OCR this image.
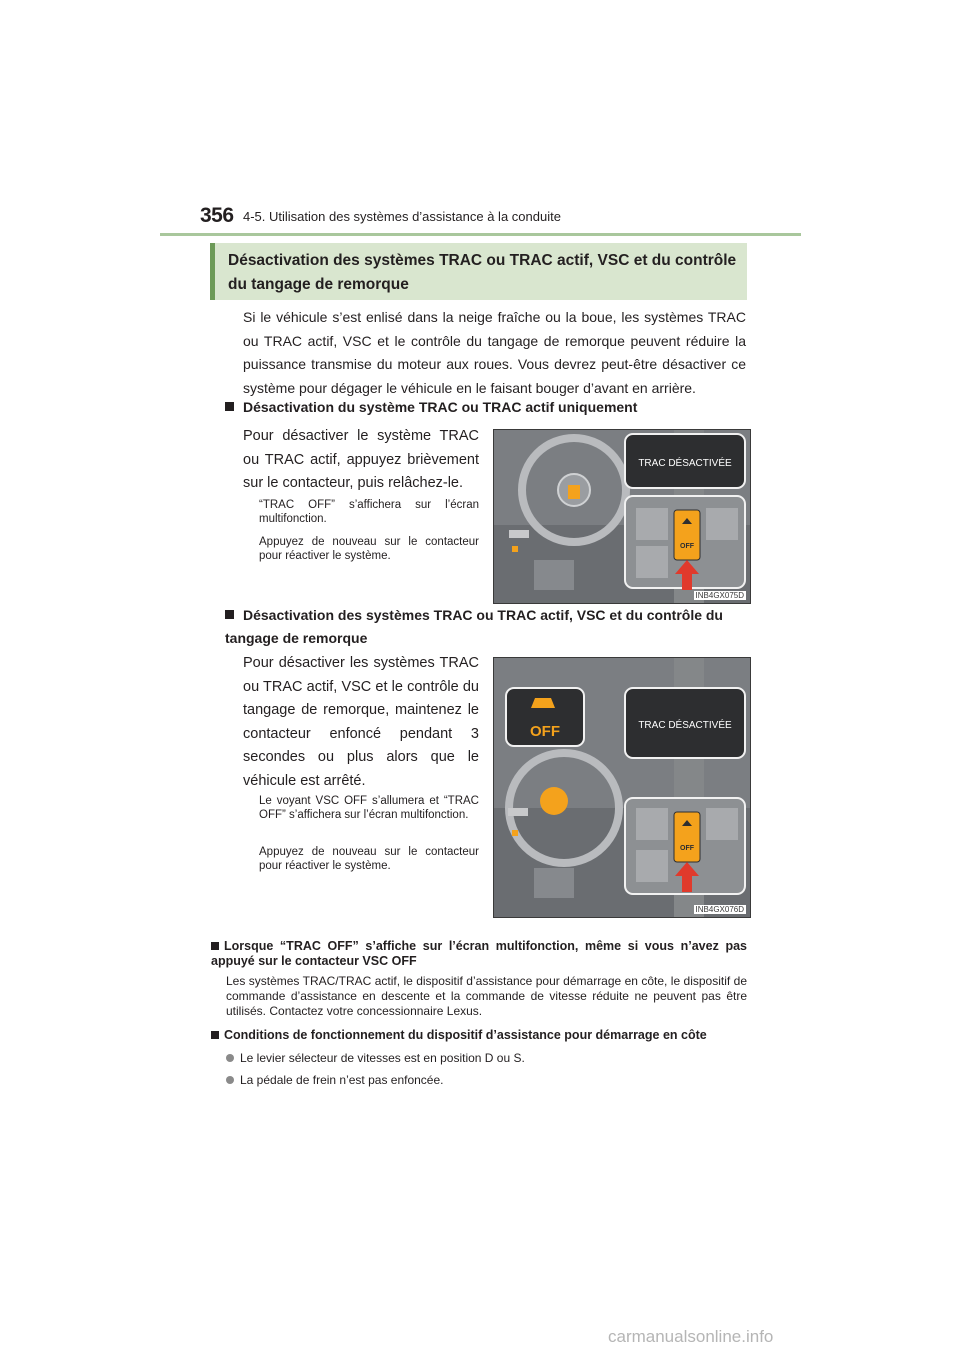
356 4-5. Utilisation des systèmes d’assistance à la conduite
Désactivation des systèmes TRAC ou TRAC actif, VSC et du contrôle
du tangage de remorque
Si le véhicule s’est enlisé dans la neige fraîche ou la boue, les systèmes TRAC ou TRAC actif, VSC et le contrôle du tangage de remorque peuvent réduire la puissance transmise du moteur aux roues. Vous devrez peut-être désactiver ce système pour dégager le véhicule en le faisant bouger d’avant en arrière.
Désactivation du système TRAC ou TRAC actif uniquement
Pour désactiver le système TRAC ou TRAC actif, appuyez brièvement sur le contacteur, puis relâchez-le.
“TRAC OFF” s’affichera sur l’écran multifonction.
Appuyez de nouveau sur le contacteur pour réactiver le système.
TRAC DÉSACTIVÉE
OFF
INB4GX075D
Désactivation des systèmes TRAC ou TRAC actif, VSC et du contrôle du tangage de remorque
Pour désactiver les systèmes TRAC ou TRAC actif, VSC et le contrôle du tangage de remorque, maintenez le contacteur enfoncé pendant 3 secondes ou plus alors que le véhicule est arrêté.
Le voyant VSC OFF s’allumera et “TRAC OFF” s’affichera sur l’écran multifonction.
Appuyez de nouveau sur le contacteur pour réactiver le système.
OFF	TRAC DÉSACTIVÉE
OFF
INB4GX076D
Lorsque “TRAC OFF” s’affiche sur l’écran multifonction, même si vous n’avez pas appuyé sur le contacteur VSC OFF
Les systèmes TRAC/TRAC actif, le dispositif d’assistance pour démarrage en côte, le dispositif de commande d’assistance en descente et la commande de vitesse réduite ne peuvent pas être utilisés. Contactez votre concessionnaire Lexus.
Conditions de fonctionnement du dispositif d’assistance pour démarrage en côte
Le levier sélecteur de vitesses est en position D ou S.
La pédale de frein n’est pas enfoncée.
carmanualsonline.info
